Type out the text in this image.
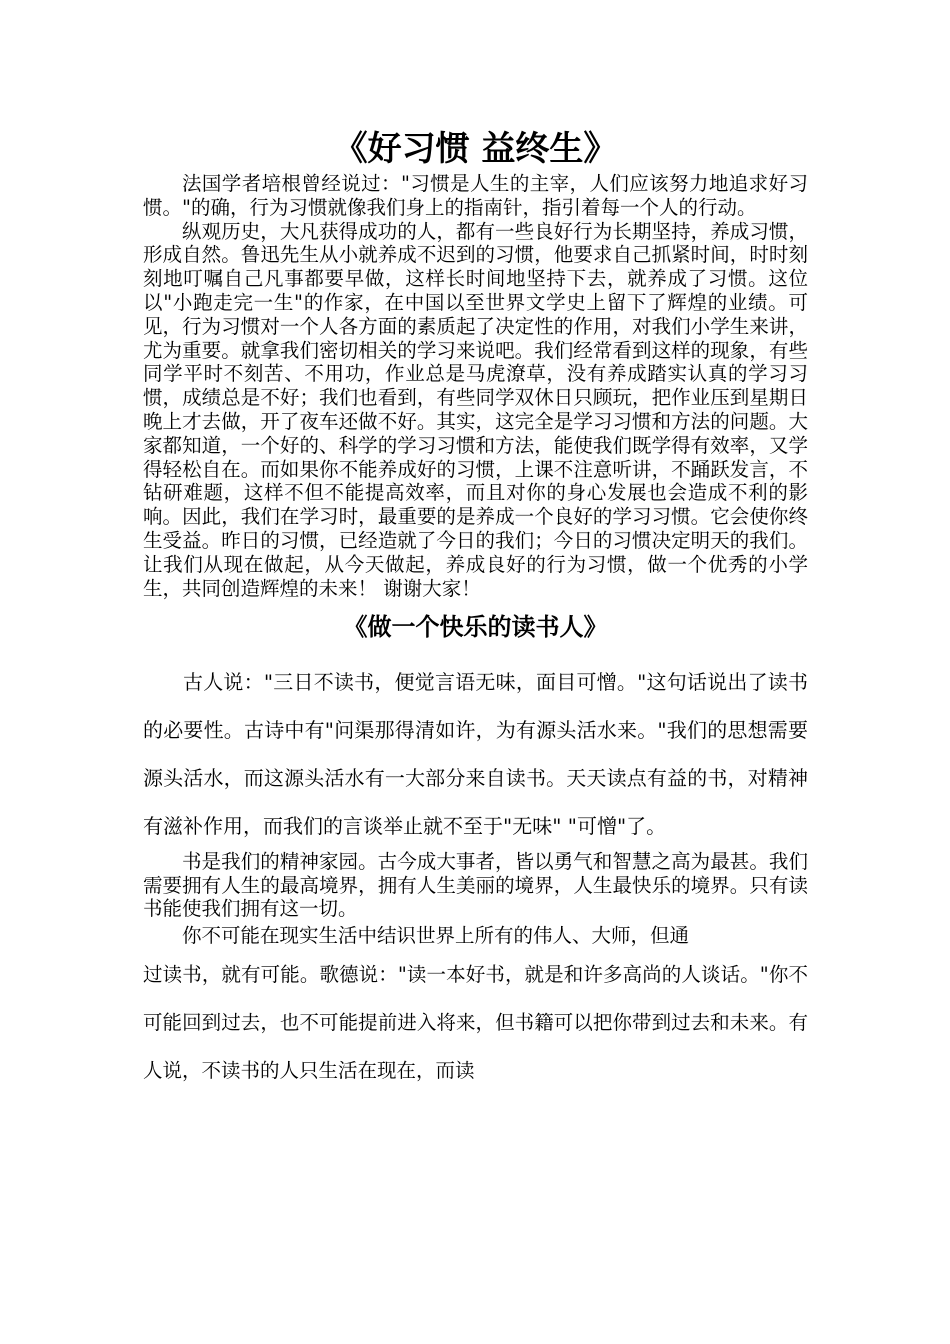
《好习惯 益终生》

法国学者培根曾经说过："习惯是人生的主宰，人们应该努力地追求好习惯。"的确，行为习惯就像我们身上的指南针，指引着每一个人的行动。

纵观历史，大凡获得成功的人，都有一些良好行为长期坚持，养成习惯，形成自然。鲁迅先生从小就养成不迟到的习惯，他要求自己抓紧时间，时时刻刻地叮嘱自己凡事都要早做，这样长时间地坚持下去，就养成了习惯。这位以"小跑走完一生"的作家，在中国以至世界文学史上留下了辉煌的业绩。可见，行为习惯对一个人各方面的素质起了决定性的作用，对我们小学生来讲，尤为重要。就拿我们密切相关的学习来说吧。我们经常看到这样的现象，有些同学平时不刻苦、不用功，作业总是马虎潦草，没有养成踏实认真的学习习惯，成绩总是不好；我们也看到，有些同学双休日只顾玩，把作业压到星期日晚上才去做，开了夜车还做不好。其实，这完全是学习习惯和方法的问题。大家都知道，一个好的、科学的学习习惯和方法，能使我们既学得有效率，又学得轻松自在。而如果你不能养成好的习惯，上课不注意听讲，不踊跃发言，不钻研难题，这样不但不能提高效率，而且对你的身心发展也会造成不利的影响。因此，我们在学习时，最重要的是养成一个良好的学习习惯。它会使你终生受益。昨日的习惯，已经造就了今日的我们；今日的习惯决定明天的我们。让我们从现在做起，从今天做起，养成良好的行为习惯，做一个优秀的小学生，共同创造辉煌的未来！ 谢谢大家！

《做一个快乐的读书人》

古人说："三日不读书，便觉言语无味，面目可憎。"这句话说出了读书的必要性。古诗中有"问渠那得清如许，为有源头活水来。"我们的思想需要源头活水，而这源头活水有一大部分来自读书。天天读点有益的书，对精神有滋补作用，而我们的言谈举止就不至于"无味" "可憎"了。

书是我们的精神家园。古今成大事者，皆以勇气和智慧之高为最甚。我们需要拥有人生的最高境界，拥有人生美丽的境界，人生最快乐的境界。只有读书能使我们拥有这一切。

你不可能在现实生活中结识世界上所有的伟人、大师，但通

过读书，就有可能。歌德说："读一本好书，就是和许多高尚的人谈话。"你不可能回到过去，也不可能提前进入将来，但书籍可以把你带到过去和未来。有人说，不读书的人只生活在现在，而读
